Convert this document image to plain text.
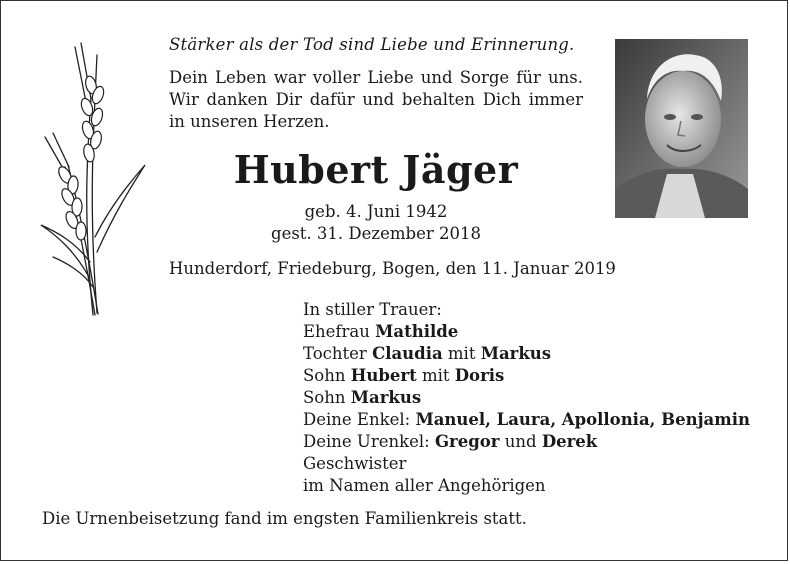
Stärker als der Tod sind Liebe und Erinnerung.
Dein Leben war voller Liebe und Sorge für uns. Wir danken Dir dafür und behalten Dich immer in unseren Herzen.
Hubert Jäger
geb. 4. Juni 1942
gest. 31. Dezember 2018
Hunderdorf, Friedeburg, Bogen, den 11. Januar 2019
In stiller Trauer:
Ehefrau Mathilde
Tochter Claudia mit Markus
Sohn Hubert mit Doris
Sohn Markus
Deine Enkel: Manuel, Laura, Apollonia, Benjamin
Deine Urenkel: Gregor und Derek
Geschwister
im Namen aller Angehörigen
Die Urnenbeisetzung fand im engsten Familienkreis statt.
